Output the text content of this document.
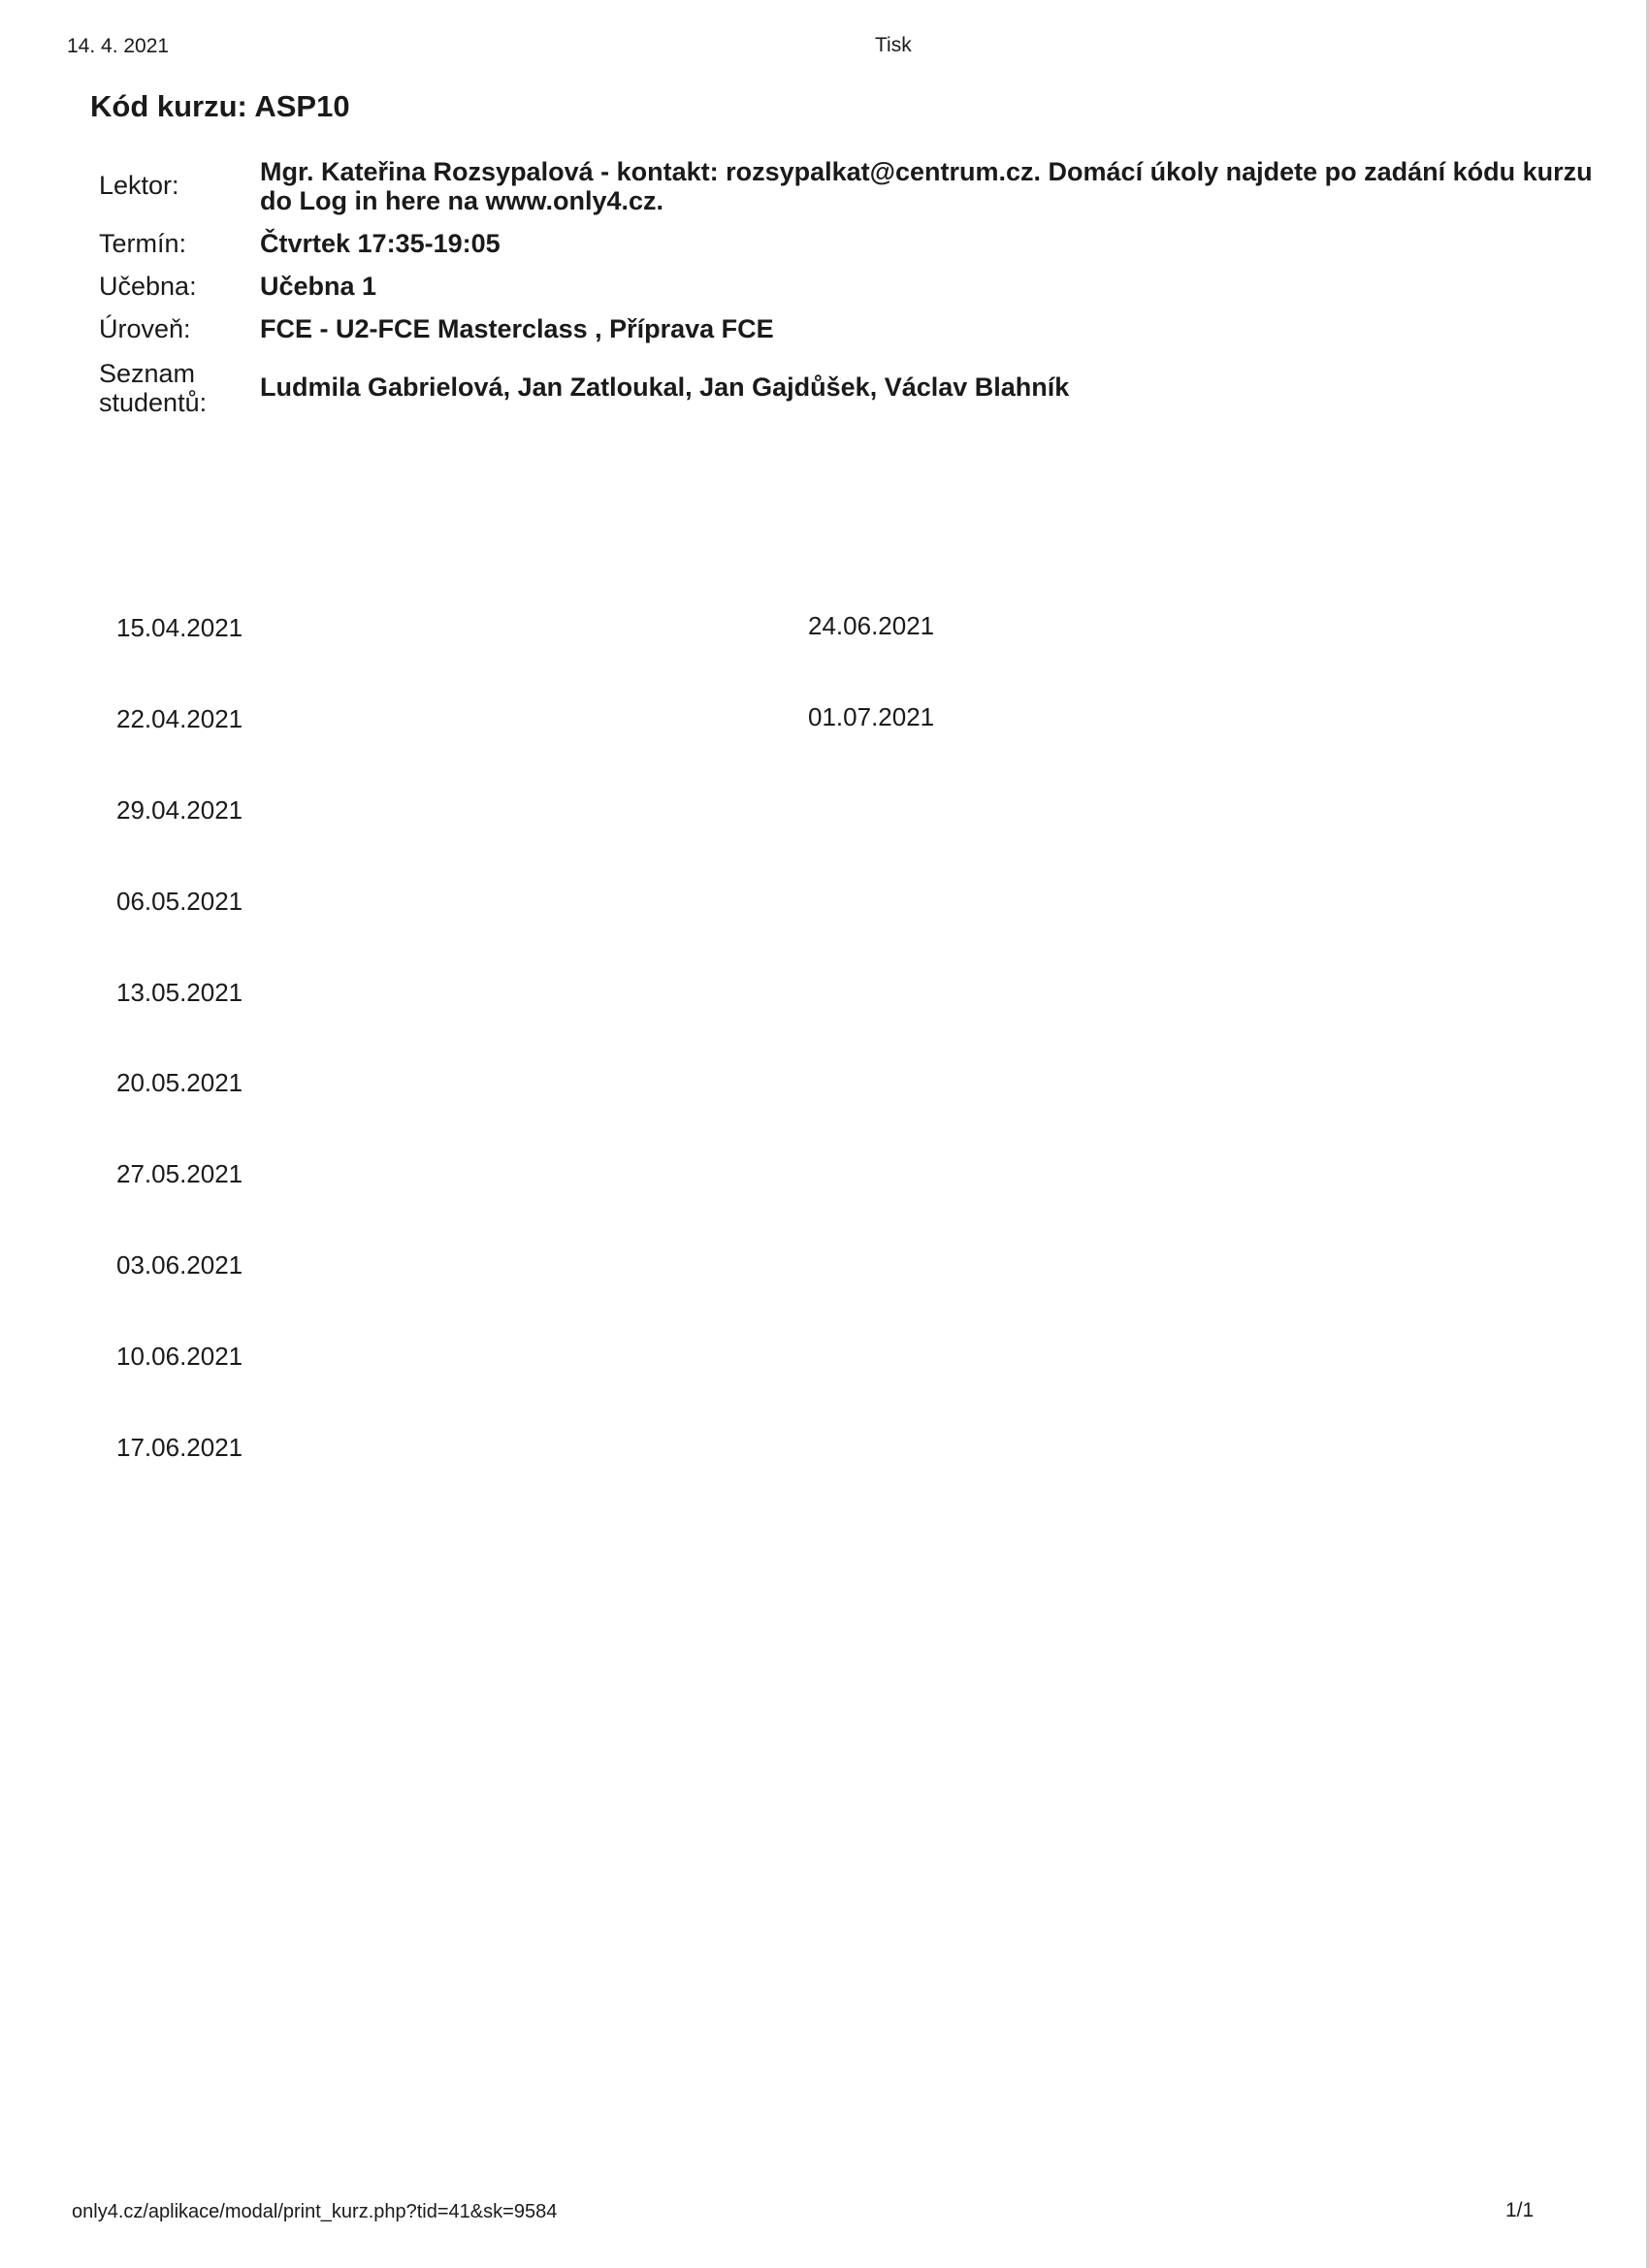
14. 4. 2021	Tisk
Kód kurzu: ASP10
Lektor:	Mgr. Kateřina Rozsypalová - kontakt: rozsypalkat@centrum.cz. Domácí úkoly najdete po zadání kódu kurzu do Log in here na www.only4.cz.
Termín:	Čtvrtek 17:35-19:05
Učebna: Učebna 1
Úroveň:	FCE - U2-FCE Masterclass , Příprava FCE
Seznam studentů:
Ludmila Gabrielová, Jan Zatloukal, Jan Gajdůšek, Václav Blahník
15.04.2021
22.04.2021
29.04.2021
06.05.2021
13.05.2021
20.05.2021
27.05.2021
03.06.2021
10.06.2021
17.06.2021
24.06.2021
01.07.2021
only4.cz/aplikace/modal/print_kurz.php?tid=41&sk=9584	1/1
